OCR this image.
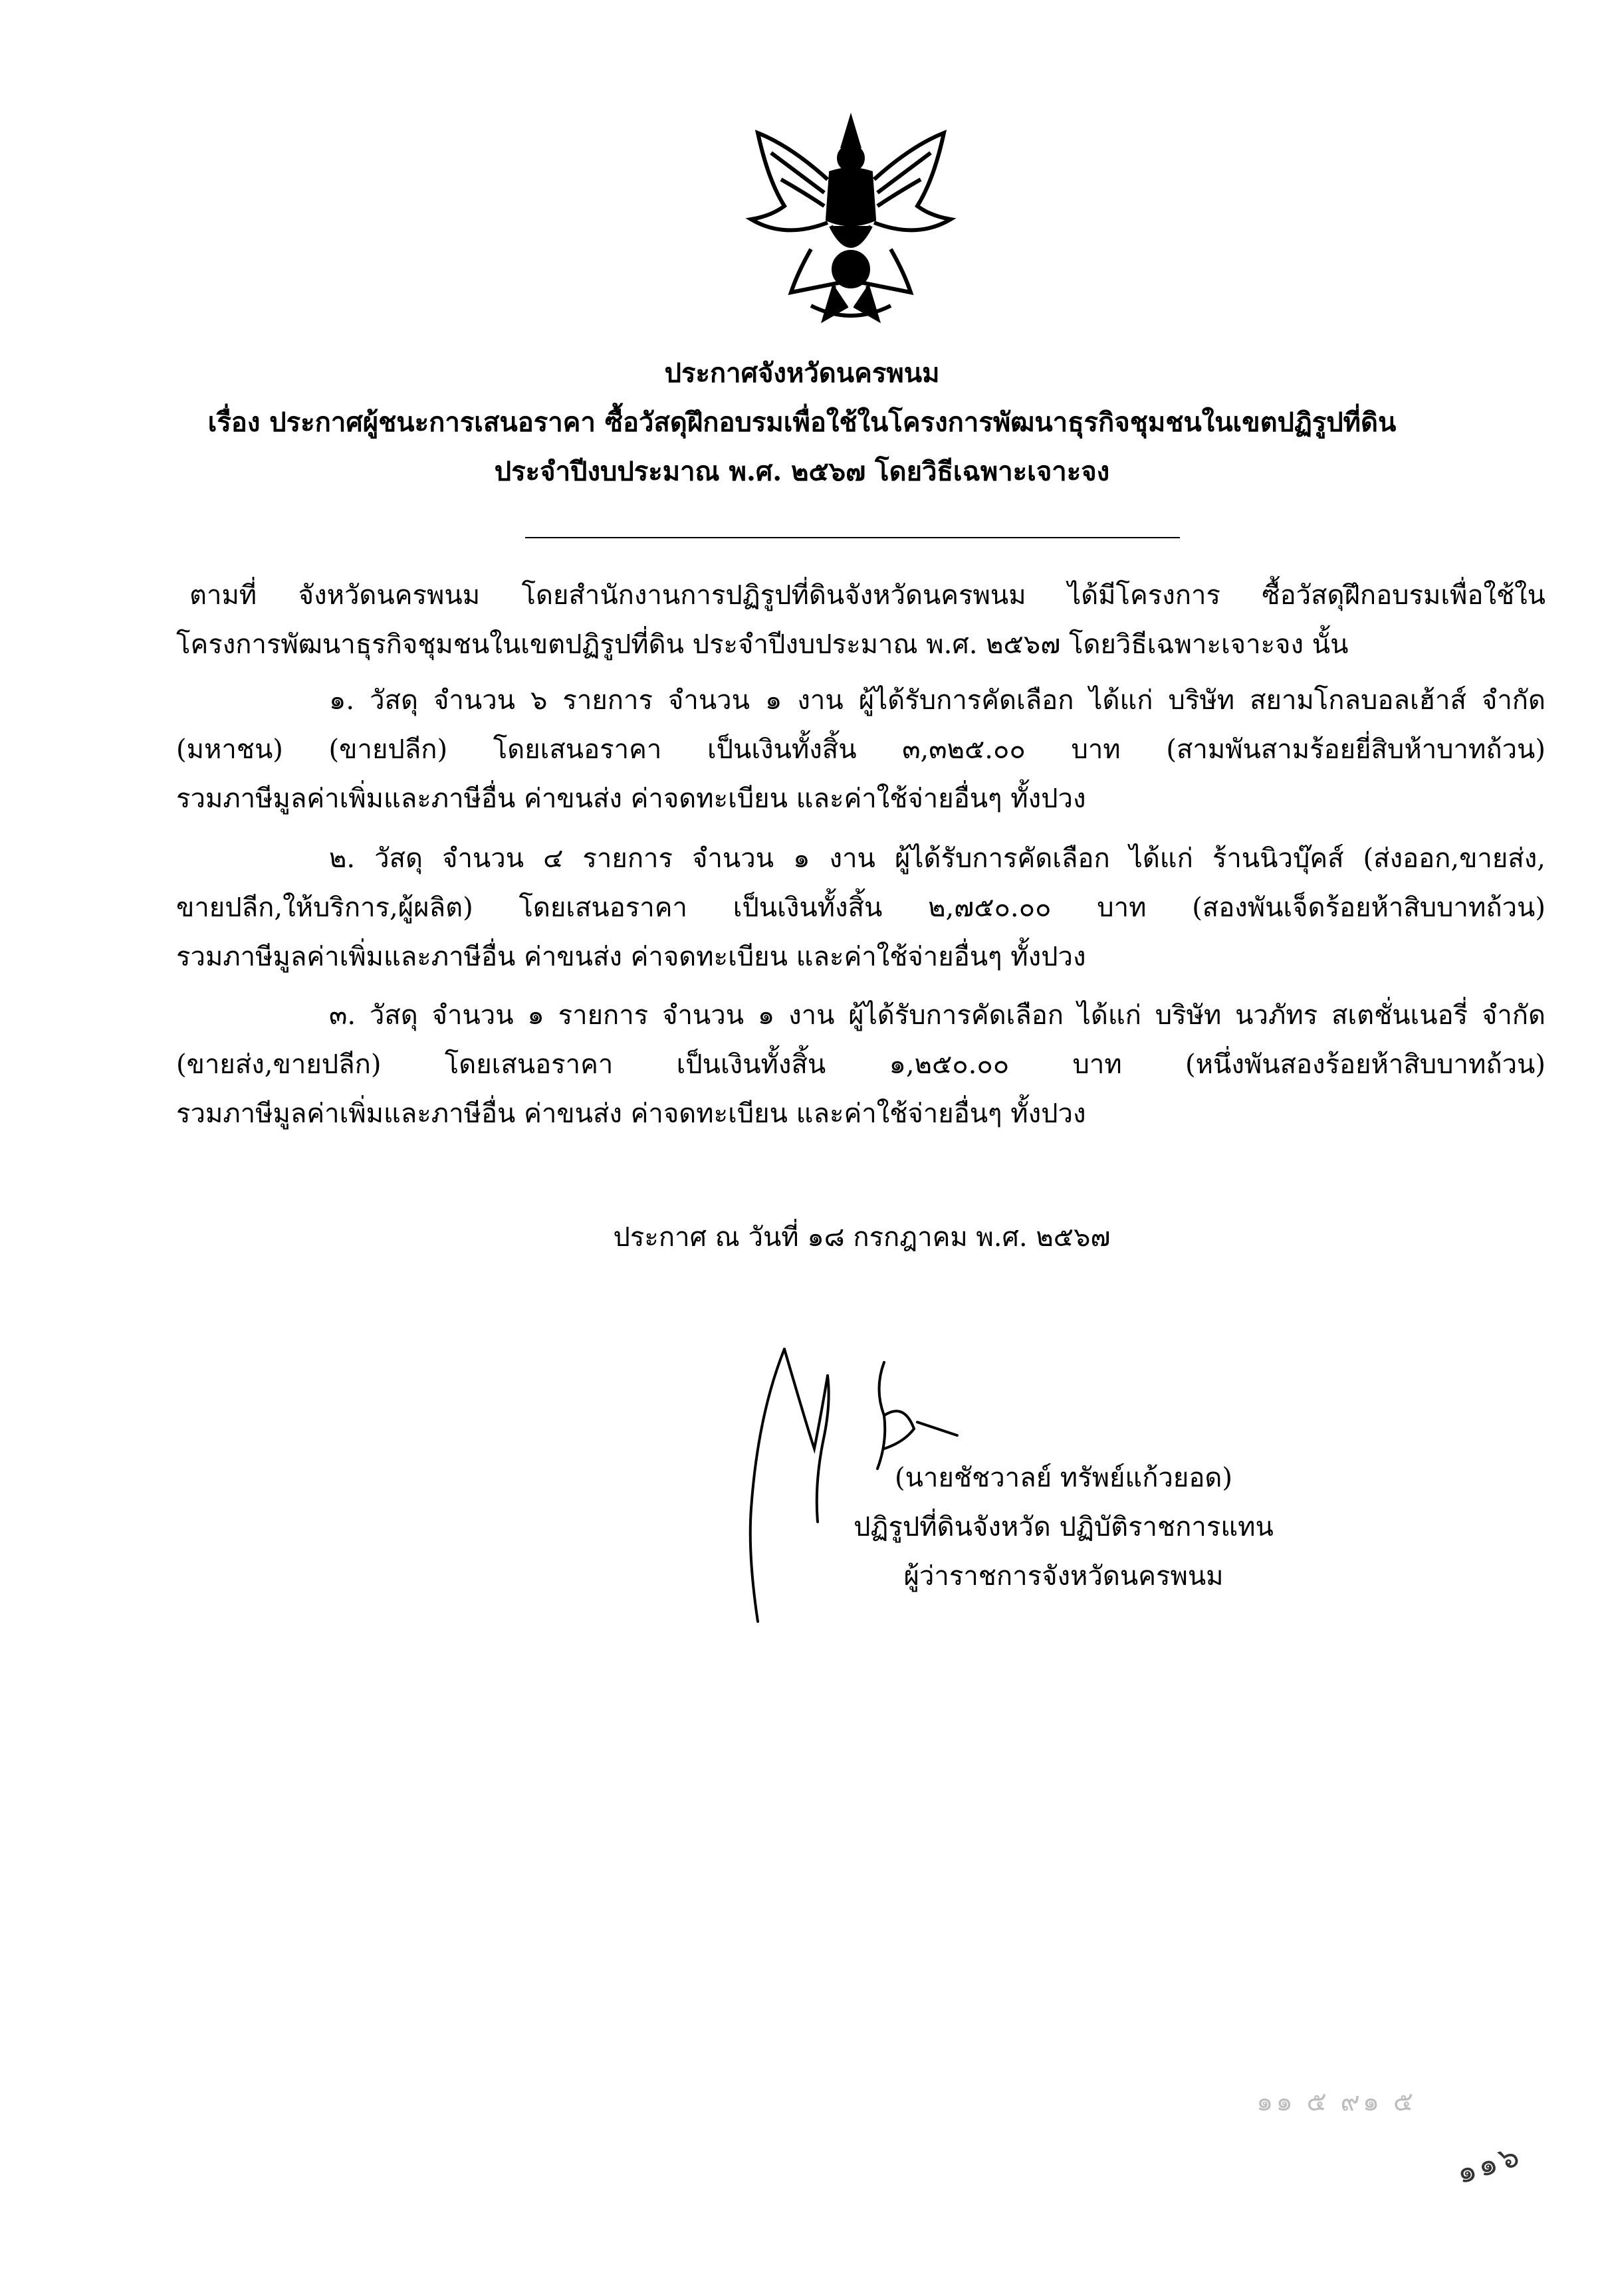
ประกาศจังหวัดนครพนม
เรื่อง ประกาศผู้ชนะการเสนอราคา ซื้อวัสดุฝึกอบรมเพื่อใช้ในโครงการพัฒนาธุรกิจชุมชนในเขตปฏิรูปที่ดิน
ประจำปีงบประมาณ พ.ศ. ๒๕๖๗ โดยวิธีเฉพาะเจาะจง
ตามที่ จังหวัดนครพนม โดยสำนักงานการปฏิรูปที่ดินจังหวัดนครพนม ได้มีโครงการ ซื้อวัสดุฝึกอบรมเพื่อใช้ใน
โครงการพัฒนาธุรกิจชุมชนในเขตปฏิรูปที่ดิน ประจำปีงบประมาณ พ.ศ. ๒๕๖๗ โดยวิธีเฉพาะเจาะจง นั้น
๑. วัสดุ จำนวน ๖ รายการ จำนวน ๑ งาน ผู้ได้รับการคัดเลือก ได้แก่ บริษัท สยามโกลบอลเฮ้าส์ จำกัด
(มหาชน) (ขายปลีก) โดยเสนอราคา เป็นเงินทั้งสิ้น ๓,๓๒๕.๐๐ บาท (สามพันสามร้อยยี่สิบห้าบาทถ้วน)
รวมภาษีมูลค่าเพิ่มและภาษีอื่น ค่าขนส่ง ค่าจดทะเบียน และค่าใช้จ่ายอื่นๆ ทั้งปวง
๒. วัสดุ จำนวน ๔ รายการ จำนวน ๑ งาน ผู้ได้รับการคัดเลือก ได้แก่ ร้านนิวบุ๊คส์ (ส่งออก,ขายส่ง,
ขายปลีก,ให้บริการ,ผู้ผลิต) โดยเสนอราคา เป็นเงินทั้งสิ้น ๒,๗๕๐.๐๐ บาท (สองพันเจ็ดร้อยห้าสิบบาทถ้วน)
รวมภาษีมูลค่าเพิ่มและภาษีอื่น ค่าขนส่ง ค่าจดทะเบียน และค่าใช้จ่ายอื่นๆ ทั้งปวง
๓. วัสดุ จำนวน ๑ รายการ จำนวน ๑ งาน ผู้ได้รับการคัดเลือก ได้แก่ บริษัท นวภัทร สเตชั่นเนอรี่ จำกัด
(ขายส่ง,ขายปลีก) โดยเสนอราคา เป็นเงินทั้งสิ้น ๑,๒๕๐.๐๐ บาท (หนึ่งพันสองร้อยห้าสิบบาทถ้วน)
รวมภาษีมูลค่าเพิ่มและภาษีอื่น ค่าขนส่ง ค่าจดทะเบียน และค่าใช้จ่ายอื่นๆ ทั้งปวง
ประกาศ ณ วันที่ ๑๘ กรกฎาคม พ.ศ. ๒๕๖๗
(นายชัชวาลย์ ทรัพย์แก้วยอด)
ปฏิรูปที่ดินจังหวัด ปฏิบัติราชการแทน
ผู้ว่าราชการจังหวัดนครพนม
๑๑ ๕ ๙๑ ๕
๑๑๖
